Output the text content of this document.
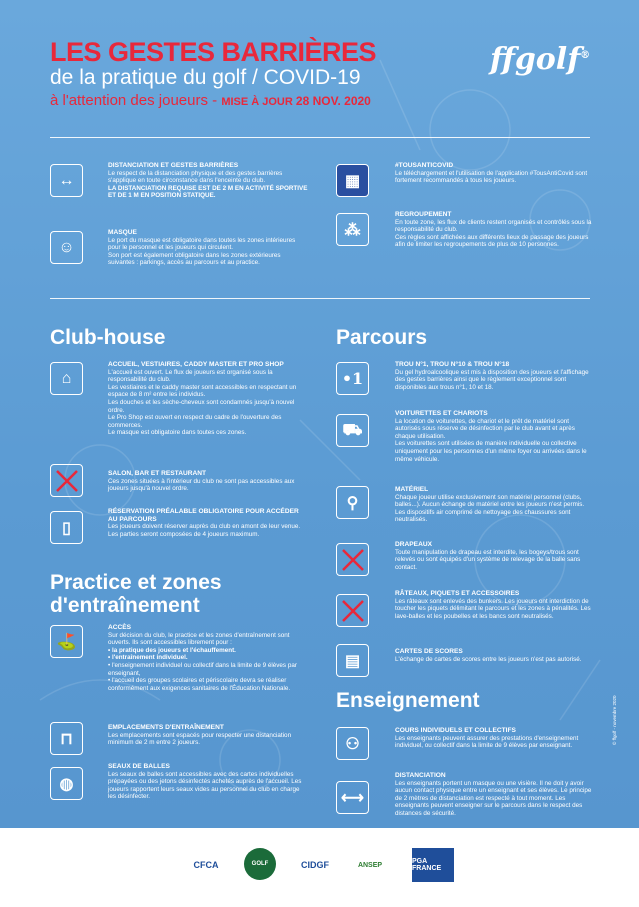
LES GESTES BARRIÈRES
de la pratique du golf / COVID-19
à l'attention des joueurs - MISE À JOUR 28 NOV. 2020
ffgolf®
↔
DISTANCIATION ET GESTES BARRIÈRES

Le respect de la distanciation physique et des gestes barrières s'applique en toute circonstance dans l'enceinte du club.

LA DISTANCIATION REQUISE EST DE 2 M EN ACTIVITÉ SPORTIVE ET DE 1 M EN POSITION STATIQUE.

☺
MASQUE

Le port du masque est obligatoire dans toutes les zones intérieures pour le personnel et les joueurs qui circulent.

Son port est également obligatoire dans les zones extérieures suivantes : parkings, accès au parcours et au practice.

▦
#TOUSANTICOVID

Le téléchargement et l'utilisation de l'application #TousAntiCovid sont fortement recommandés à tous les joueurs.

⁂
REGROUPEMENT

En toute zone, les flux de clients restent organisés et contrôlés sous la responsabilité du club.

Ces règles sont affichées aux différents lieux de passage des joueurs afin de limiter les regroupements de plus de 10 personnes.

Club-house
⌂
ACCUEIL, VESTIAIRES, CADDY MASTER ET PRO SHOP

L'accueil est ouvert. Le flux de joueurs est organisé sous la responsabilité du club.

Les vestiaires et le caddy master sont accessibles en respectant un espace de 8 m² entre les individus.

Les douches et les sèche-cheveux sont condamnés jusqu'à nouvel ordre.

Le Pro Shop est ouvert en respect du cadre de l'ouverture des commerces.

Le masque est obligatoire dans toutes ces zones.

SALON, BAR ET RESTAURANT

Ces zones situées à l'intérieur du club ne sont pas accessibles aux joueurs jusqu'à nouvel ordre.

▯
RÉSERVATION PRÉALABLE OBLIGATOIRE POUR ACCÉDER AU PARCOURS

Les joueurs doivent réserver auprès du club en amont de leur venue. Les parties seront composées de 4 joueurs maximum.

Practice et zones
d'entraînement
⛳
ACCÈS

Sur décision du club, le practice et les zones d'entraînement sont ouverts. Ils sont accessibles librement pour :

• la pratique des joueurs et l'échauffement.

• l'entraînement individuel.

• l'enseignement individuel ou collectif dans la limite de 9 élèves par enseignant,

• l'accueil des groupes scolaires et périscolaire devra se réaliser conformément aux exigences sanitaires de l'Éducation Nationale.

⊓
EMPLACEMENTS D'ENTRAÎNEMENT

Les emplacements sont espacés pour respecter une distanciation minimum de 2 m entre 2 joueurs.

◍
SEAUX DE BALLES

Les seaux de balles sont accessibles avec des cartes individuelles prépayées ou des jetons désinfectés achetés auprès de l'accueil. Les joueurs rapportent leurs seaux vides au personnel du club en charge les désinfecter.

Parcours
•1
TROU N°1, TROU N°10 & TROU N°18

Du gel hydroalcoolique est mis à disposition des joueurs et l'affichage des gestes barrières ainsi que le règlement exceptionnel sont disponibles aux trous n°1, 10 et 18.

⛟
VOITURETTES ET CHARIOTS

La location de voiturettes, de chariot et le prêt de matériel sont autorisés sous réserve de désinfection par le club avant et après chaque utilisation.

Les voiturettes sont utilisées de manière individuelle ou collective uniquement pour les personnes d'un même foyer ou arrivées dans le même véhicule.

⚲
MATÉRIEL

Chaque joueur utilise exclusivement son matériel personnel (clubs, balles...). Aucun échange de matériel entre les joueurs n'est permis. Les dispositifs air comprimé de nettoyage des chaussures sont neutralisés.

DRAPEAUX

Toute manipulation de drapeau est interdite, les bogeys/trous sont relevés ou sont équipés d'un système de relevage de la balle sans contact.

RÂTEAUX, PIQUETS ET ACCESSOIRES

Les râteaux sont enlevés des bunkers. Les joueurs ont interdiction de toucher les piquets délimitant le parcours et les zones à pénalités. Les lave-balles et les poubelles et les bancs sont neutralisés.

▤
CARTES DE SCORES

L'échange de cartes de scores entre les joueurs n'est pas autorisé.

Enseignement
⚇
COURS INDIVIDUELS ET COLLECTIFS

Les enseignants peuvent assurer des prestations d'enseignement individuel, ou collectif dans la limite de 9 élèves par enseignant.

⟷
DISTANCIATION

Les enseignants portent un masque ou une visière. Il ne doit y avoir aucun contact physique entre un enseignant et ses élèves. Le principe de 2 mètres de distanciation est respecté à tout moment. Les enseignants peuvent enseigner sur le parcours dans le respect des distances de sécurité.

© ffgolf - novembre 2020
CFCA	GOLF	CIDGF	ANSEP	PGA FRANCE
